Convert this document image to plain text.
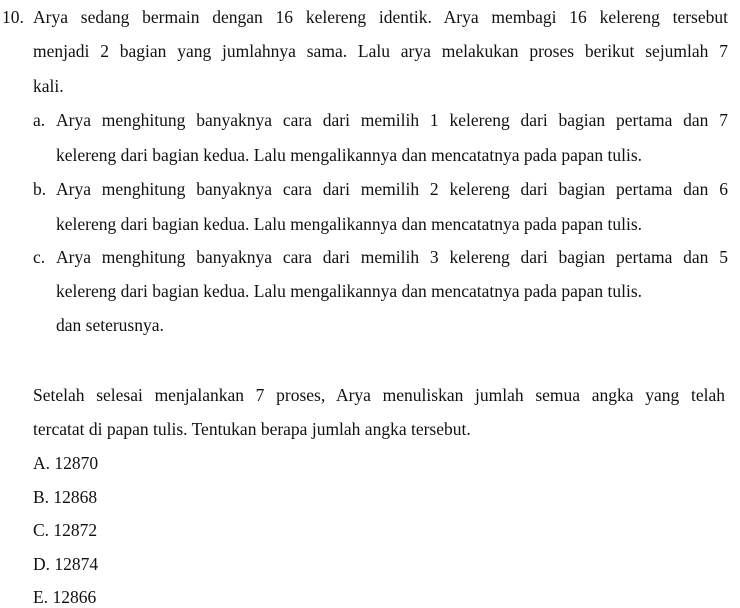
10. Arya sedang bermain dengan 16 kelereng identik. Arya membagi 16 kelereng tersebut
menjadi 2 bagian yang jumlahnya sama. Lalu arya melakukan proses berikut sejumlah 7
kali.
a. Arya menghitung banyaknya cara dari memilih 1 kelereng dari bagian pertama dan 7
kelereng dari bagian kedua. Lalu mengalikannya dan mencatatnya pada papan tulis.
b. Arya menghitung banyaknya cara dari memilih 2 kelereng dari bagian pertama dan 6
kelereng dari bagian kedua. Lalu mengalikannya dan mencatatnya pada papan tulis.
c. Arya menghitung banyaknya cara dari memilih 3 kelereng dari bagian pertama dan 5
kelereng dari bagian kedua. Lalu mengalikannya dan mencatatnya pada papan tulis.
dan seterusnya.
Setelah selesai menjalankan 7 proses, Arya menuliskan jumlah semua angka yang telah
tercatat di papan tulis. Tentukan berapa jumlah angka tersebut.
A. 12870
B. 12868
C. 12872
D. 12874
E. 12866
